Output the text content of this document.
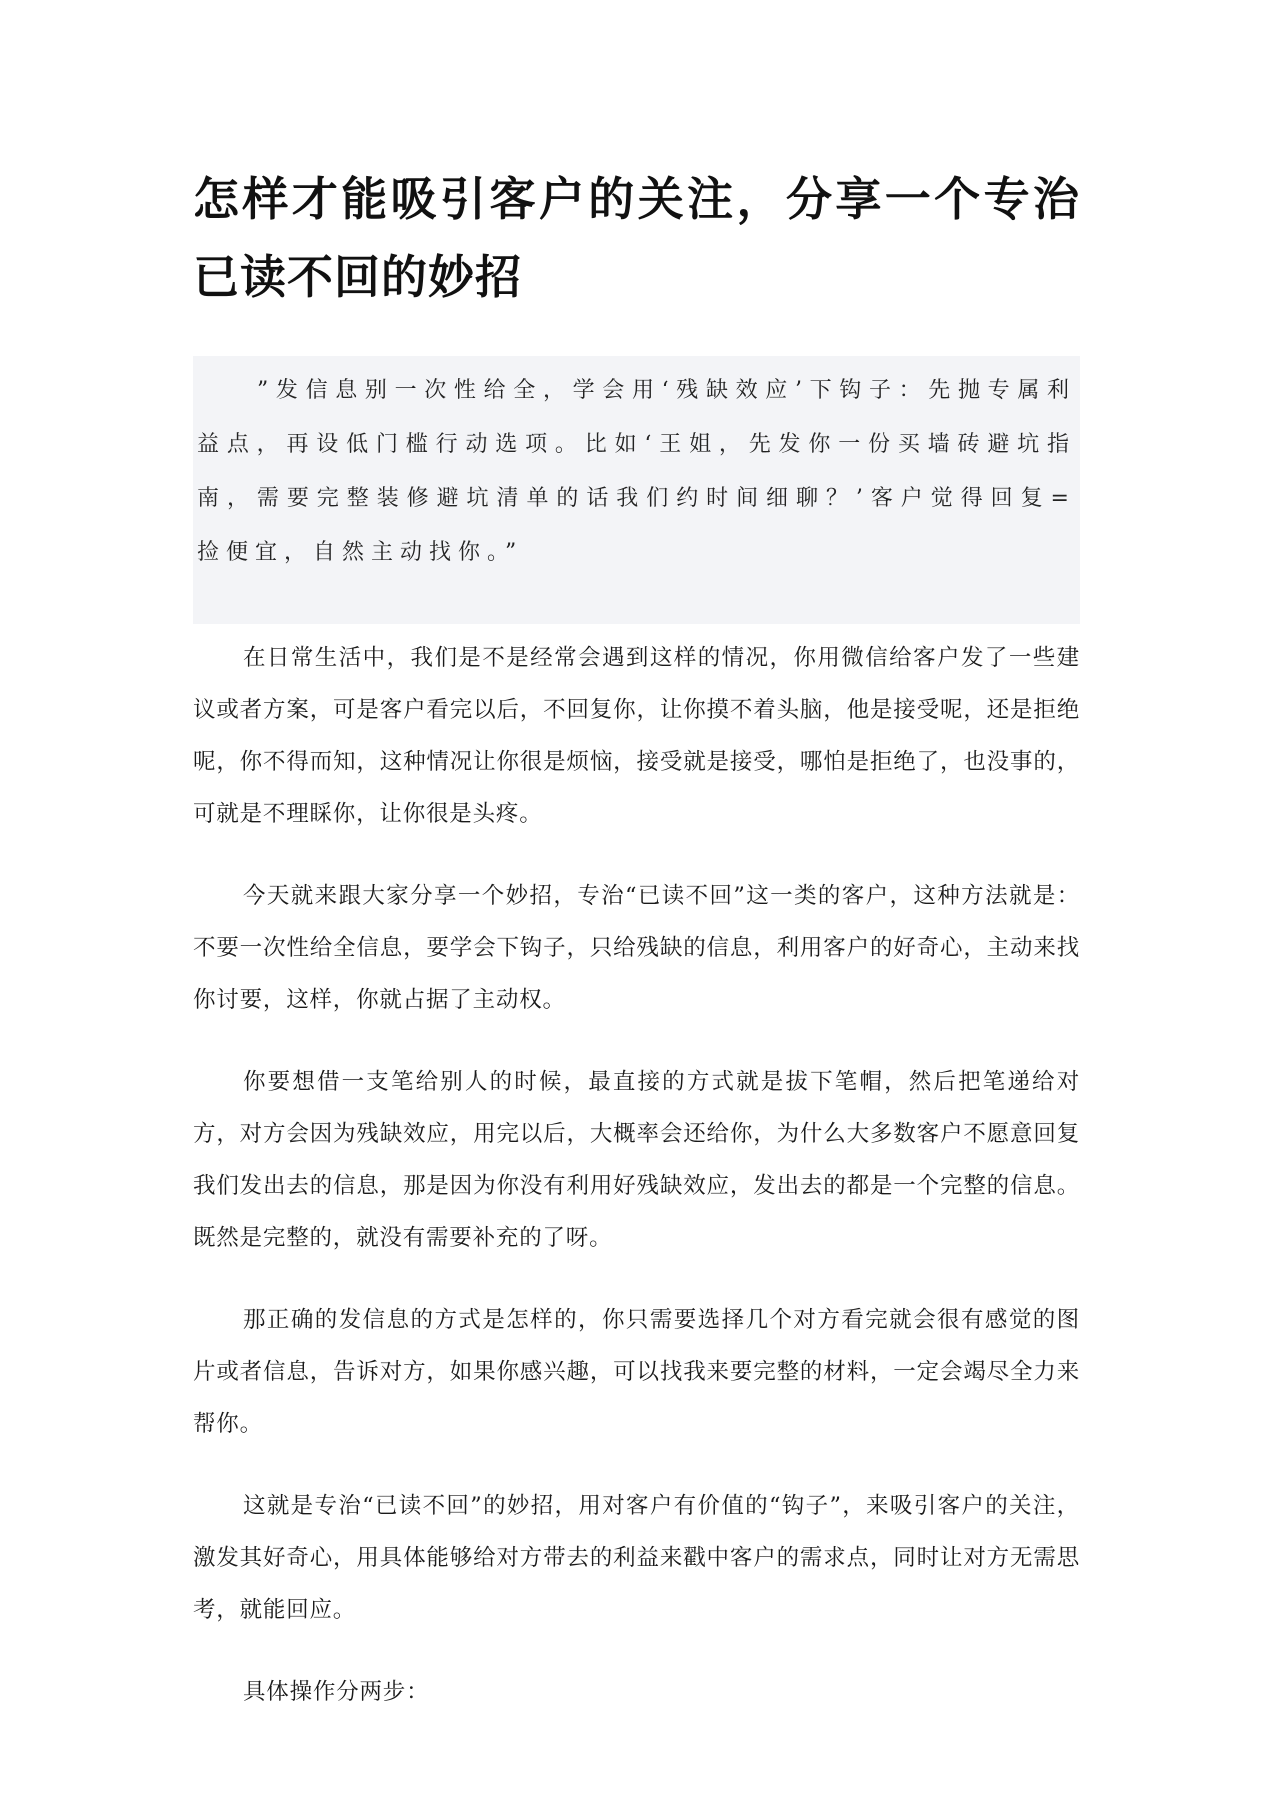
怎样才能吸引客户的关注，分享一个专治已读不回的妙招
”发信息别一次性给全，学会用‘残缺效应’下钩子：先抛专属利益点，再设低门槛行动选项。比如‘王姐，先发你一份买墙砖避坑指南，需要完整装修避坑清单的话我们约时间细聊？’客户觉得回复=捡便宜，自然主动找你。”

在日常生活中，我们是不是经常会遇到这样的情况，你用微信给客户发了一些建议或者方案，可是客户看完以后，不回复你，让你摸不着头脑，他是接受呢，还是拒绝呢，你不得而知，这种情况让你很是烦恼，接受就是接受，哪怕是拒绝了，也没事的，可就是不理睬你，让你很是头疼。

今天就来跟大家分享一个妙招，专治“已读不回”这一类的客户，这种方法就是：不要一次性给全信息，要学会下钩子，只给残缺的信息，利用客户的好奇心，主动来找你讨要，这样，你就占据了主动权。

你要想借一支笔给别人的时候，最直接的方式就是拔下笔帽，然后把笔递给对方，对方会因为残缺效应，用完以后，大概率会还给你，为什么大多数客户不愿意回复我们发出去的信息，那是因为你没有利用好残缺效应，发出去的都是一个完整的信息。既然是完整的，就没有需要补充的了呀。

那正确的发信息的方式是怎样的，你只需要选择几个对方看完就会很有感觉的图片或者信息，告诉对方，如果你感兴趣，可以找我来要完整的材料，一定会竭尽全力来帮你。

这就是专治“已读不回”的妙招，用对客户有价值的“钩子”，来吸引客户的关注，激发其好奇心，用具体能够给对方带去的利益来戳中客户的需求点，同时让对方无需思考，就能回应。

具体操作分两步：
